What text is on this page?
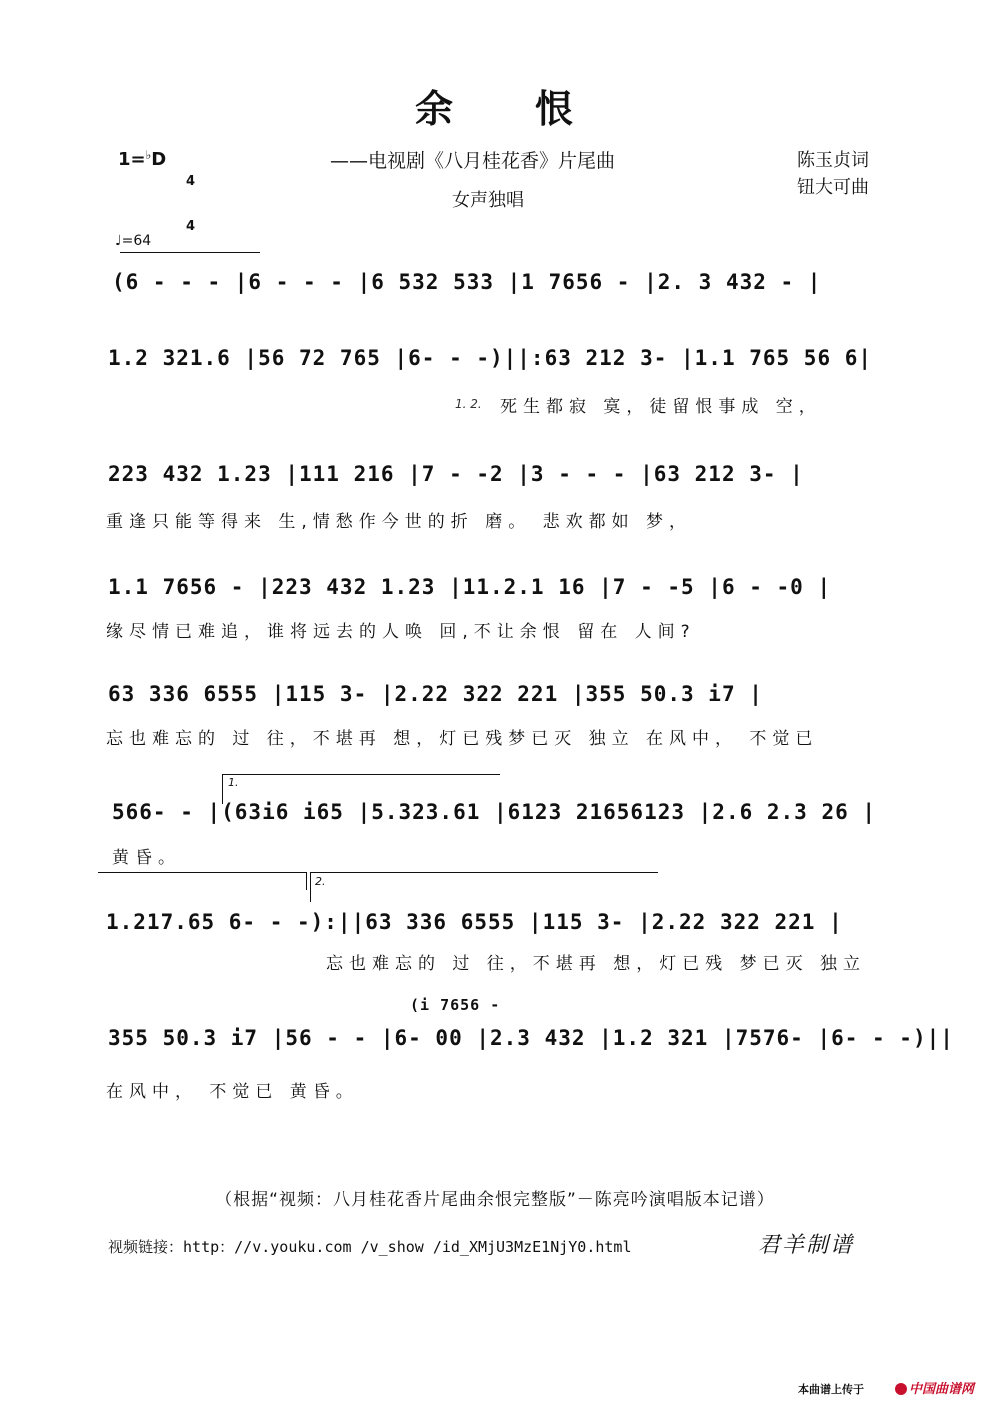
余　　恨
——电视剧《八月桂花香》片尾曲
女声独唱
陈玉贞词
钮大可曲
1=♭D

4

4

♩=64
(6 - - - |6 - - - |6 532 533 |1 7656 - |2. 3 432 - |
1.2 321.6 |56 72 765 |6- - -)||:63 212 3- |1.1 765 56 6|
1. 2. 死生都寂 寞，徒留恨事成 空，
223 432 1.23 |111 216 |7 - -2 |3 - - - |63 212 3- |
重逢只能等得来 生,情愁作今世的折 磨。 悲欢都如 梦，
1.1 7656 - |223 432 1.23 |11.2.1 16 |7 - -5 |6 - -0 |
缘尽情已难追，谁将远去的人唤 回,不让余恨 留在 人间?
63 336 6555 |115 3- |2.22 322 221 |355 50.3 i7 |
忘也难忘的 过 往，不堪再 想，灯已残梦已灭 独立 在风中， 不觉已
1.
566- - |(63i6 i65 |5.323.61 |6123 21656123 |2.6 2.3 26 |
黄昏。
2.
1.217.65 6- - -):||63 336 6555 |115 3- |2.22 322 221 |
忘也难忘的 过 往，不堪再 想，灯已残 梦已灭 独立
(i 7656 -
355 50.3 i7 |56 - - |6- 00 |2.3 432 |1.2 321 |7576- |6- - -)||
在风中， 不觉已 黄昏。
（根据“视频：八月桂花香片尾曲余恨完整版”－陈亮吟演唱版本记谱）
视频链接：http：//v.youku.com /v_show /id_XMjU3MzE1NjY0.html	君羊制谱
本曲谱上传于	中国曲谱网
